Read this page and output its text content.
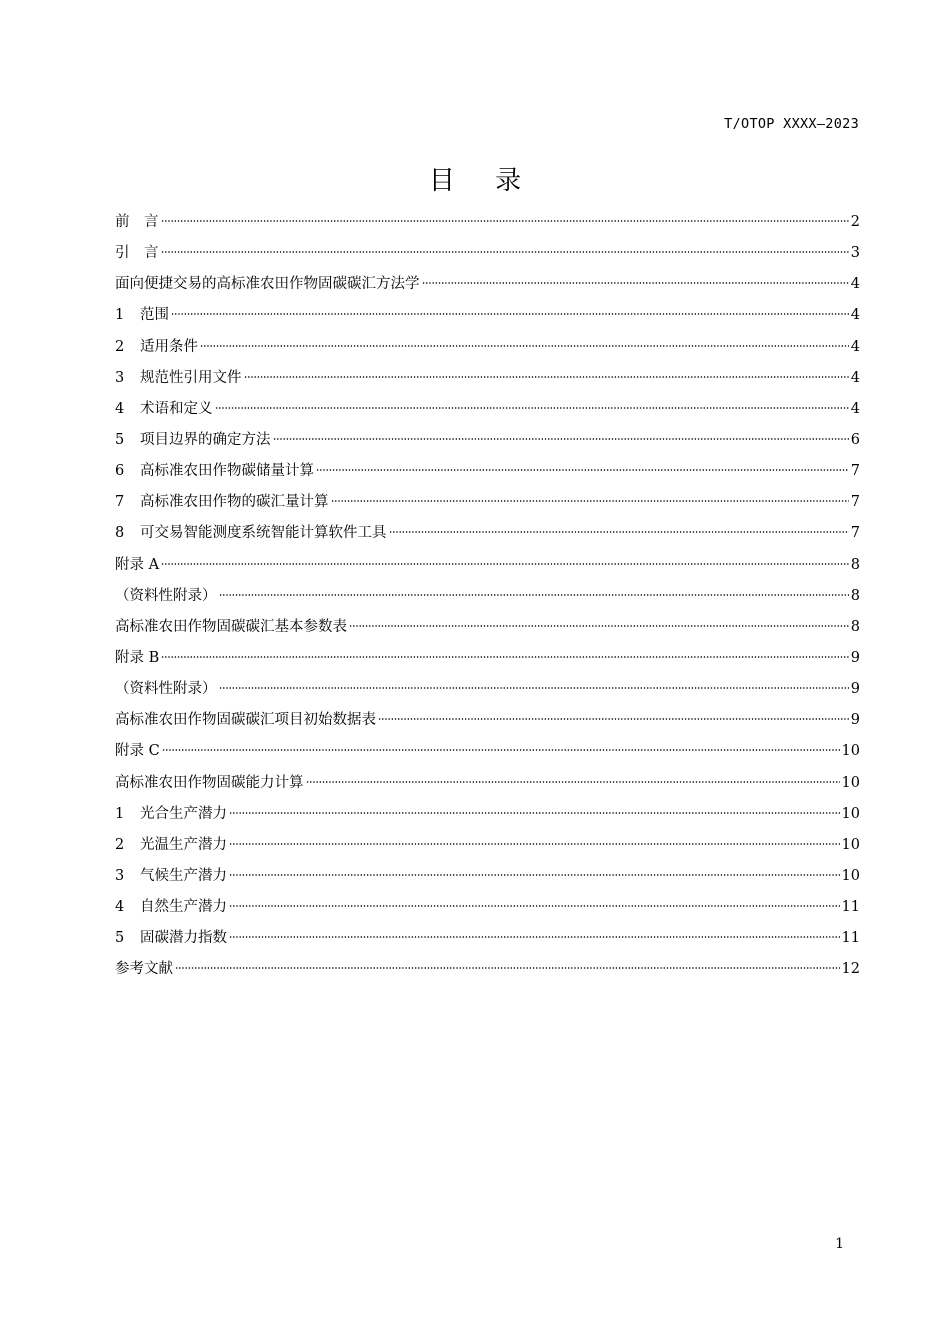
T/OTOP XXXX—2023
目 录
前　言	2
引　言	3
面向便捷交易的高标准农田作物固碳碳汇方法学	4
1	范围	4
2	适用条件	4
3	规范性引用文件	4
4	术语和定义	4
5	项目边界的确定方法	6
6	高标准农田作物碳储量计算	7
7	高标准农田作物的碳汇量计算	7
8	可交易智能测度系统智能计算软件工具	7
附录 A	8
（资料性附录）	8
高标准农田作物固碳碳汇基本参数表	8
附录 B	9
（资料性附录）	9
高标准农田作物固碳碳汇项目初始数据表	9
附录 C	10
高标准农田作物固碳能力计算	10
1	光合生产潜力	10
2	光温生产潜力	10
3	气候生产潜力	10
4	自然生产潜力	11
5	固碳潜力指数	11
参考文献	12
1
